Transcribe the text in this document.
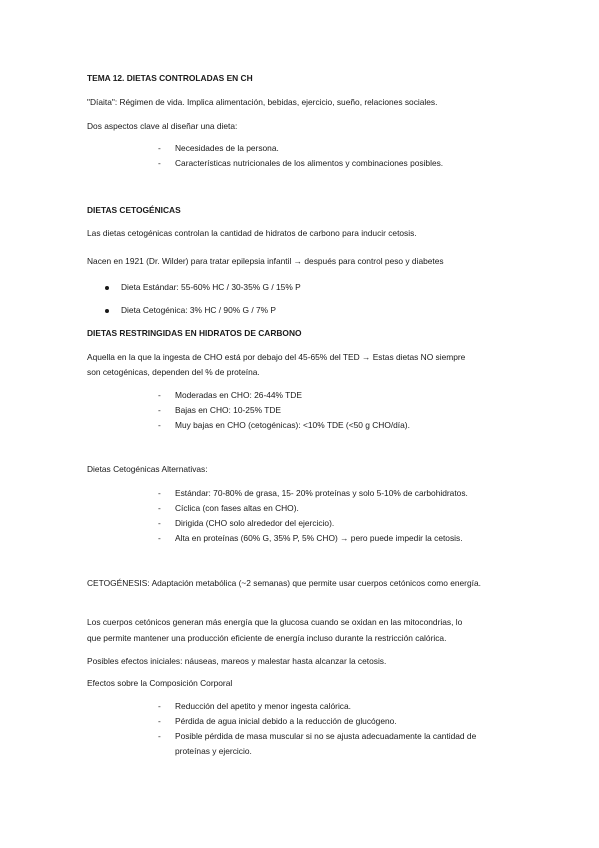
TEMA 12. DIETAS CONTROLADAS EN CH
"Díaita": Régimen de vida. Implica alimentación, bebidas, ejercicio, sueño, relaciones sociales.
Dos aspectos clave al diseñar una dieta:
- Necesidades de la persona.
- Características nutricionales de los alimentos y combinaciones posibles.
DIETAS CETOGÉNICAS
Las dietas cetogénicas controlan la cantidad de hidratos de carbono para inducir cetosis.
Nacen en 1921 (Dr. Wilder) para tratar epilepsia infantil → después para control peso y diabetes
Dieta Estándar: 55-60% HC / 30-35% G / 15% P
Dieta Cetogénica: 3% HC / 90% G / 7% P
DIETAS RESTRINGIDAS EN HIDRATOS DE CARBONO
Aquella en la que la ingesta de CHO está por debajo del 45-65% del TED → Estas dietas NO siempre
son cetogénicas, dependen del % de proteína.
- Moderadas en CHO: 26-44% TDE
- Bajas en CHO: 10-25% TDE
- Muy bajas en CHO (cetogénicas): <10% TDE (<50 g CHO/día).
Dietas Cetogénicas Alternativas:
- Estándar: 70-80% de grasa, 15- 20% proteínas y solo 5-10% de carbohidratos.
- Cíclica (con fases altas en CHO).
- Dirigida (CHO solo alrededor del ejercicio).
- Alta en proteínas (60% G, 35% P, 5% CHO) → pero puede impedir la cetosis.
CETOGÉNESIS: Adaptación metabólica (~2 semanas) que permite usar cuerpos cetónicos como energía.
Los cuerpos cetónicos generan más energía que la glucosa cuando se oxidan en las mitocondrias, lo
que permite mantener una producción eficiente de energía incluso durante la restricción calórica.
Posibles efectos iniciales: náuseas, mareos y malestar hasta alcanzar la cetosis.
Efectos sobre la Composición Corporal
- Reducción del apetito y menor ingesta calórica.
- Pérdida de agua inicial debido a la reducción de glucógeno.
- Posible pérdida de masa muscular si no se ajusta adecuadamente la cantidad de proteínas y ejercicio.
